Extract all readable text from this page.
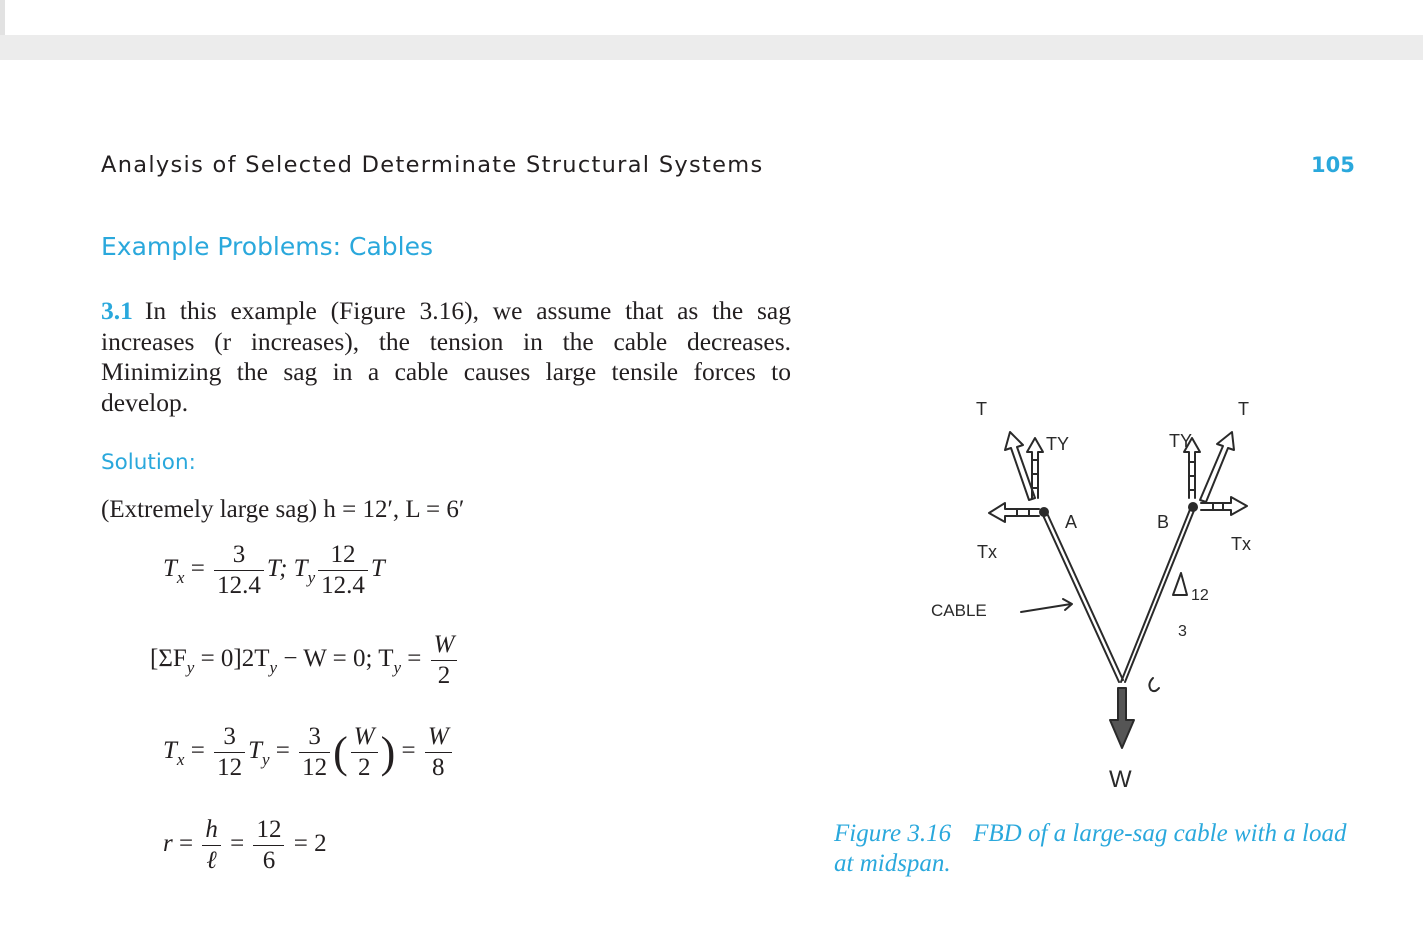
Analysis of Selected Determinate Structural Systems	105
Example Problems: Cables
3.1 In this example (Figure 3.16), we assume that as the sag increases (r increases), the tension in the cable decreases. Minimizing the sag in a cable causes large tensile forces to develop.
Solution:
(Extremely large sag) h = 12′, L = 6′
$T_x = \frac{3}{12.4} T$; $T_y \frac{12}{12.4}$ T
$[\Sigma F_y = 0]2T_y - W = 0$; $T_y = \frac{W}{2}$
$T_x = \frac{3}{12} T_y = \frac{3}{12}$ ( $\frac{W}{2}$ ) = $\frac{W}{8}$
$r = \frac{h}{\text{ℓ}} = \frac{12}{6} = 2$
T
TY
Tx
A	B
TY
T
Tx
CABLE
12
3
W
Figure 3.16 FBD of a large-sag cable with a load at midspan.
